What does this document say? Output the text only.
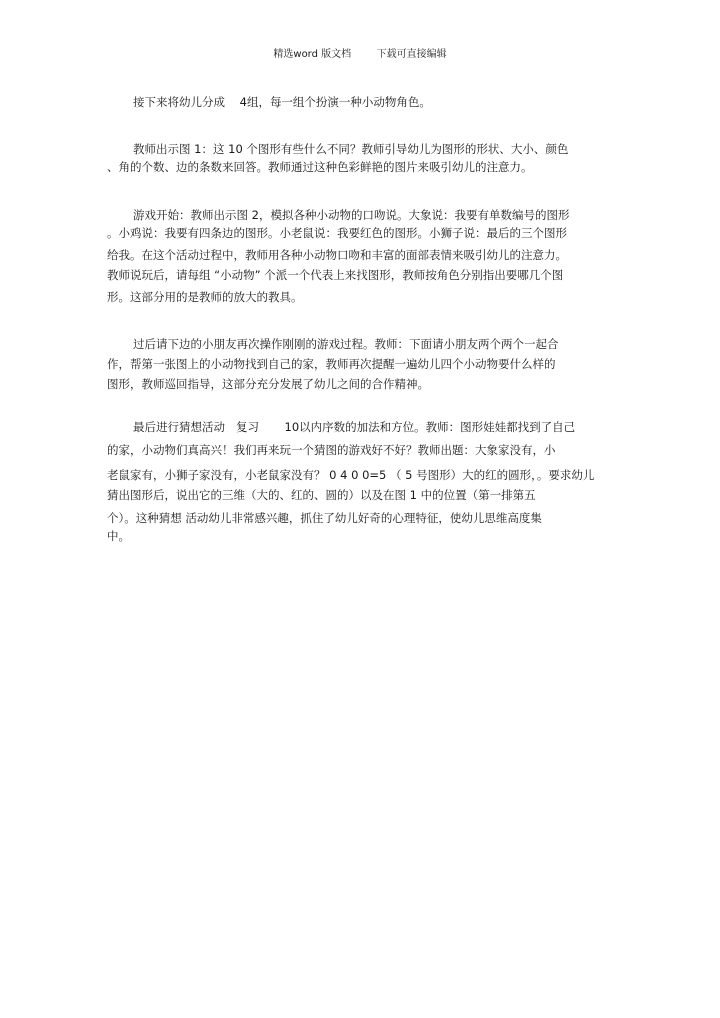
精选word 版文档        下载可直接编辑
接下来将幼儿分成    4组，每一组个扮演一种小动物角色。
教师出示图 1：这 10 个图形有些什么不同？教师引导幼儿为图形的形状、大小、颜色
、角的个数、边的条数来回答。教师通过这种色彩鲜艳的图片来吸引幼儿的注意力。
游戏开始：教师出示图 2，模拟各种小动物的口吻说。大象说：我要有单数编号的图形
。小鸡说：我要有四条边的图形。小老鼠说：我要红色的图形。小狮子说：最后的三个图形
给我。在这个活动过程中，教师用各种小动物口吻和丰富的面部表情来吸引幼儿的注意力。
教师说玩后，请每组 “小动物” 个派一个代表上来找图形，教师按角色分别指出要哪几个图
形。这部分用的是教师的放大的教具。
过后请下边的小朋友再次操作刚刚的游戏过程。教师：下面请小朋友两个两个一起合
作，帮第一张图上的小动物找到自己的家，教师再次提醒一遍幼儿四个小动物要什么样的
图形，教师巡回指导，这部分充分发展了幼儿之间的合作精神。
最后进行猜想活动   复习       10以内序数的加法和方位。教师：图形娃娃都找到了自己
的家，小动物们真高兴！我们再来玩一个猜图的游戏好不好？教师出题：大象家没有，小
老鼠家有，小狮子家没有，小老鼠家没有？ 0 4 0 0=5 （ 5 号图形）大的红的圆形，。要求幼儿
猜出图形后，说出它的三维（大的、红的、圆的）以及在图 1 中的位置（第一排第五
个）。这种猜想 活动幼儿非常感兴趣，抓住了幼儿好奇的心理特征，使幼儿思维高度集
中。
